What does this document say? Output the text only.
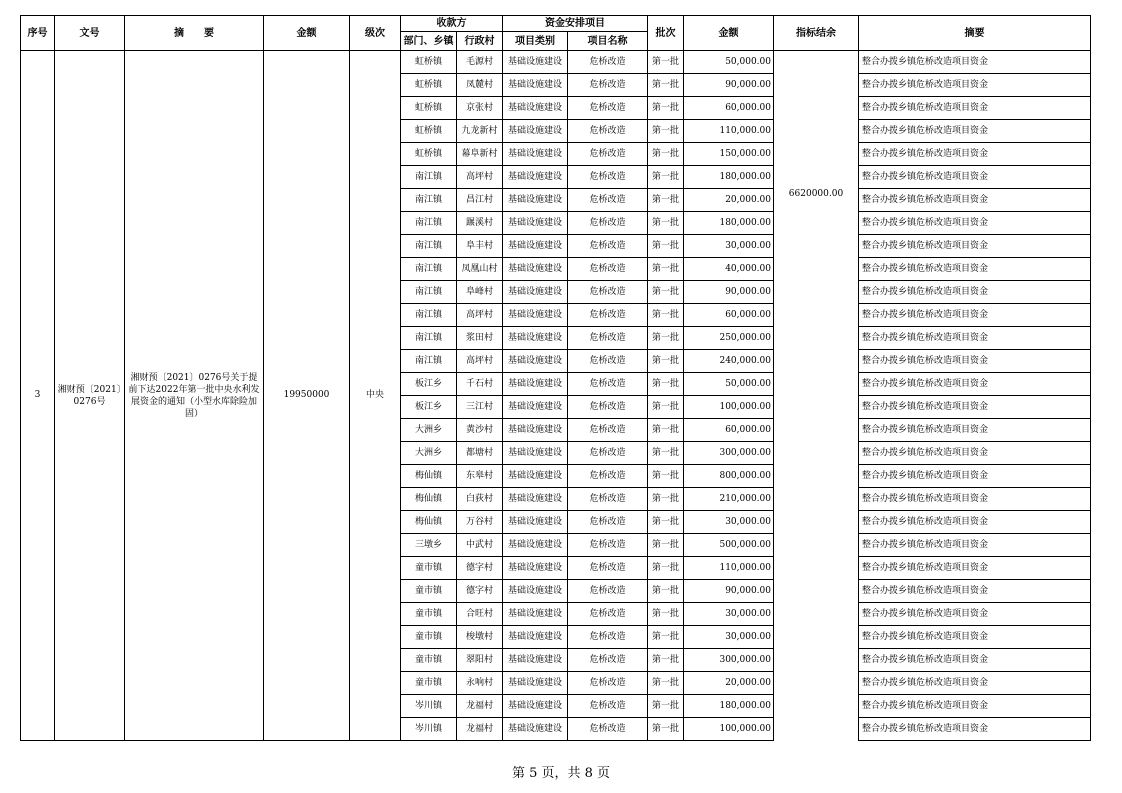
序号	文号	摘　　要	金额	级次	收款方		资金安排项目		批次	金额	指标结余	摘要
					部门、乡镇	行政村	项目类别	项目名称				
3	湘财预〔2021〕0276号	湘财预〔2021〕0276号关于提前下达2022年第一批中央水利发展资金的通知（小型水库除险加固）	19950000	中央	虹桥镇	毛源村	基础设施建设	危桥改造	第一批	50,000.00	6620000.00	整合办拨乡镇危桥改造项目资金
					虹桥镇	凤麓村	基础设施建设	危桥改造	第一批	90,000.00		整合办拨乡镇危桥改造项目资金
					虹桥镇	京张村	基础设施建设	危桥改造	第一批	60,000.00		整合办拨乡镇危桥改造项目资金
					虹桥镇	九龙新村	基础设施建设	危桥改造	第一批	110,000.00		整合办拨乡镇危桥改造项目资金
					虹桥镇	幕阜新村	基础设施建设	危桥改造	第一批	150,000.00		整合办拨乡镇危桥改造项目资金
					南江镇	高坪村	基础设施建设	危桥改造	第一批	180,000.00		整合办拨乡镇危桥改造项目资金
					南江镇	昌江村	基础设施建设	危桥改造	第一批	20,000.00		整合办拨乡镇危桥改造项目资金
					南江镇	蹍溪村	基础设施建设	危桥改造	第一批	180,000.00		整合办拨乡镇危桥改造项目资金
					南江镇	阜丰村	基础设施建设	危桥改造	第一批	30,000.00		整合办拨乡镇危桥改造项目资金
					南江镇	凤凰山村	基础设施建设	危桥改造	第一批	40,000.00		整合办拨乡镇危桥改造项目资金
					南江镇	阜峰村	基础设施建设	危桥改造	第一批	90,000.00		整合办拨乡镇危桥改造项目资金
					南江镇	高坪村	基础设施建设	危桥改造	第一批	60,000.00		整合办拨乡镇危桥改造项目资金
					南江镇	浆田村	基础设施建设	危桥改造	第一批	250,000.00		整合办拨乡镇危桥改造项目资金
					南江镇	高坪村	基础设施建设	危桥改造	第一批	240,000.00		整合办拨乡镇危桥改造项目资金
					板江乡	千石村	基础设施建设	危桥改造	第一批	50,000.00		整合办拨乡镇危桥改造项目资金
					板江乡	三江村	基础设施建设	危桥改造	第一批	100,000.00		整合办拨乡镇危桥改造项目资金
					大洲乡	黄沙村	基础设施建设	危桥改造	第一批	60,000.00		整合办拨乡镇危桥改造项目资金
					大洲乡	都塘村	基础设施建设	危桥改造	第一批	300,000.00		整合办拨乡镇危桥改造项目资金
					梅仙镇	东皋村	基础设施建设	危桥改造	第一批	800,000.00		整合办拨乡镇危桥改造项目资金
					梅仙镇	白荻村	基础设施建设	危桥改造	第一批	210,000.00		整合办拨乡镇危桥改造项目资金
					梅仙镇	万谷村	基础设施建设	危桥改造	第一批	30,000.00		整合办拨乡镇危桥改造项目资金
					三墩乡	中武村	基础设施建设	危桥改造	第一批	500,000.00		整合办拨乡镇危桥改造项目资金
					童市镇	德字村	基础设施建设	危桥改造	第一批	110,000.00		整合办拨乡镇危桥改造项目资金
					童市镇	德字村	基础设施建设	危桥改造	第一批	90,000.00		整合办拨乡镇危桥改造项目资金
					童市镇	合旺村	基础设施建设	危桥改造	第一批	30,000.00		整合办拨乡镇危桥改造项目资金
					童市镇	梭墩村	基础设施建设	危桥改造	第一批	30,000.00		整合办拨乡镇危桥改造项目资金
					童市镇	翠阳村	基础设施建设	危桥改造	第一批	300,000.00		整合办拨乡镇危桥改造项目资金
					童市镇	永响村	基础设施建设	危桥改造	第一批	20,000.00		整合办拨乡镇危桥改造项目资金
					岑川镇	龙福村	基础设施建设	危桥改造	第一批	180,000.00		整合办拨乡镇危桥改造项目资金
					岑川镇	龙福村	基础设施建设	危桥改造	第一批	100,000.00		整合办拨乡镇危桥改造项目资金
第 5 页，共 8 页
